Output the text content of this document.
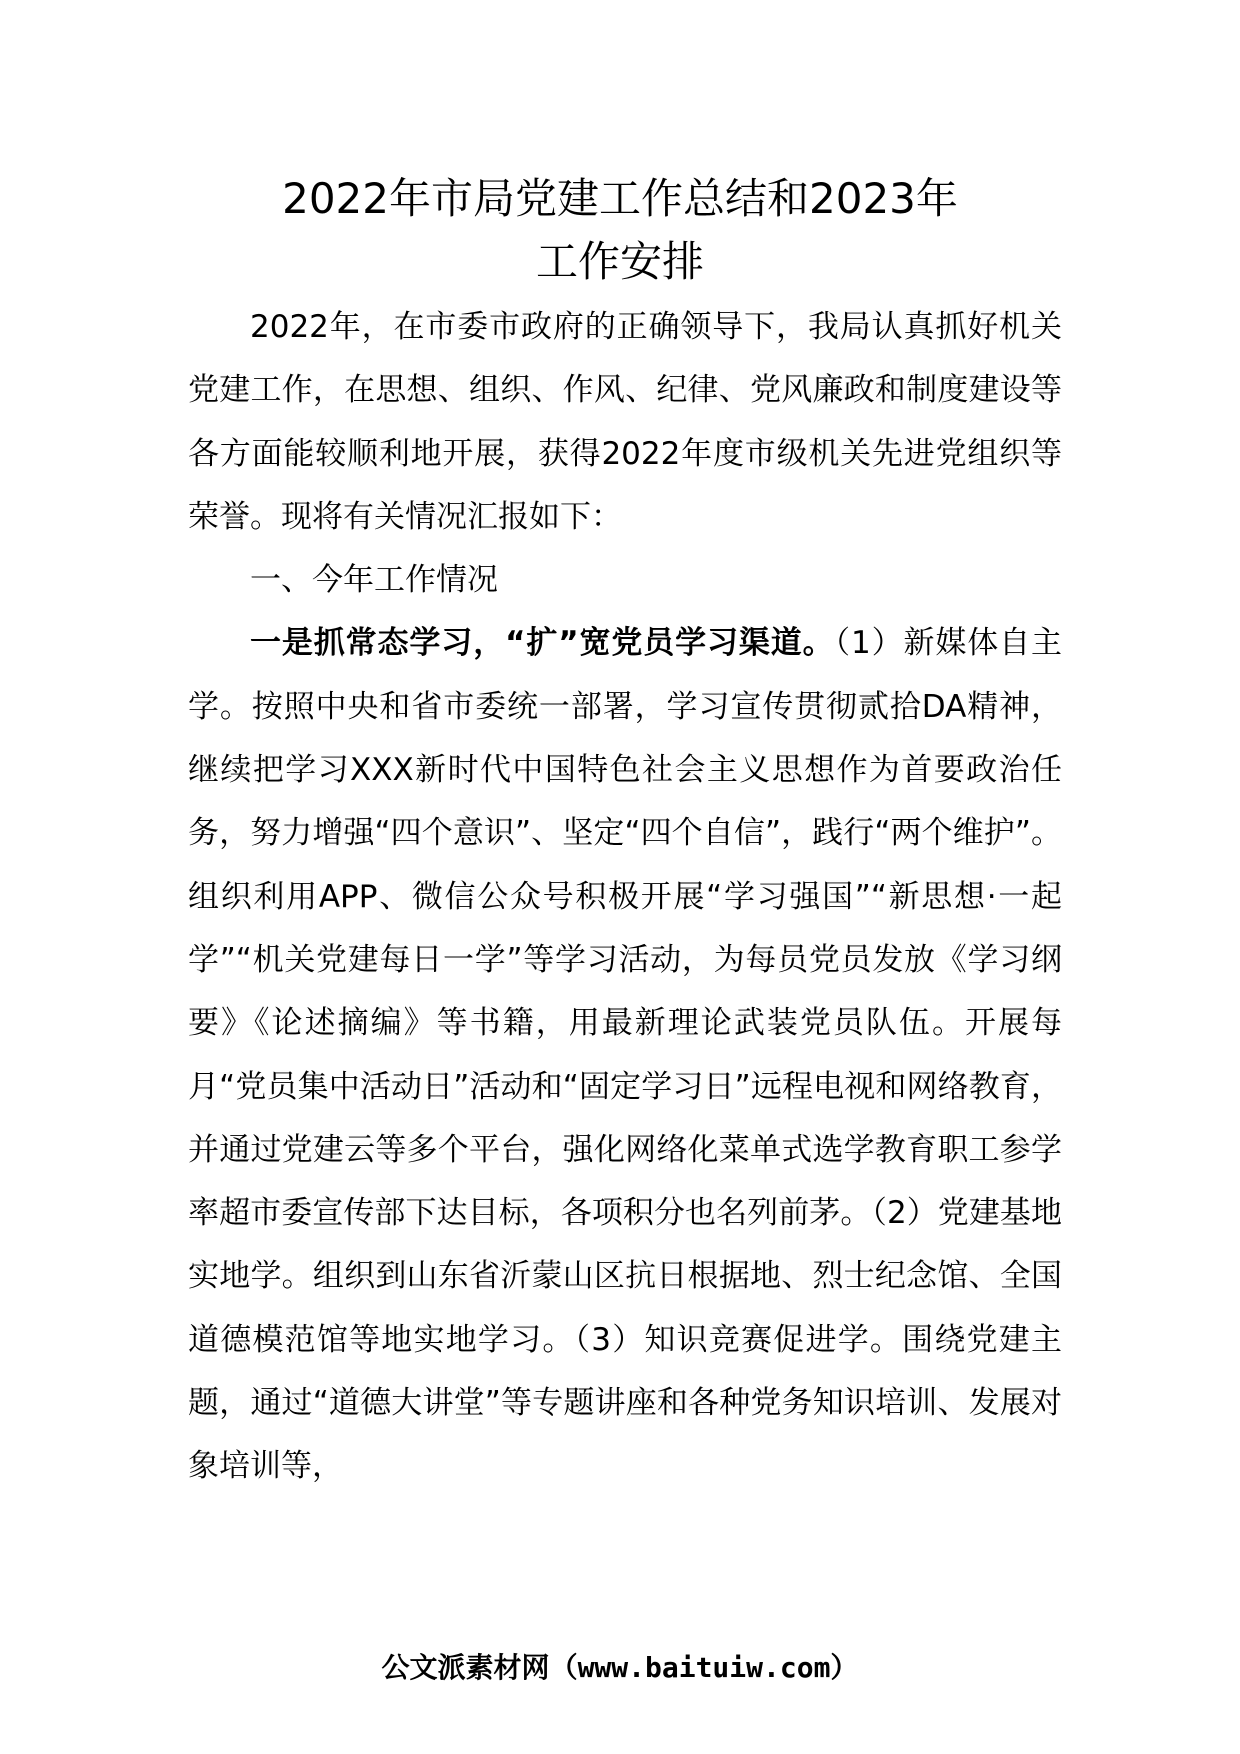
2022年市局党建工作总结和2023年
工作安排

2022年，在市委市政府的正确领导下，我局认真抓好机关党建工作，在思想、组织、作风、纪律、党风廉政和制度建设等各方面能较顺利地开展，获得2022年度市级机关先进党组织等荣誉。现将有关情况汇报如下：

一、今年工作情况

一是抓常态学习，“扩”宽党员学习渠道。（1）新媒体自主学。按照中央和省市委统一部署，学习宣传贯彻贰拾DA精神，继续把学习XXX新时代中国特色社会主义思想作为首要政治任务，努力增强“四个意识”、坚定“四个自信”，践行“两个维护”。组织利用APP、微信公众号积极开展“学习强国”“新思想·一起学”“机关党建每日一学”等学习活动，为每员党员发放《学习纲要》《论述摘编》等书籍，用最新理论武装党员队伍。开展每月“党员集中活动日”活动和“固定学习日”远程电视和网络教育，并通过党建云等多个平台，强化网络化菜单式选学教育职工参学率超市委宣传部下达目标，各项积分也名列前茅。（2）党建基地实地学。组织到山东省沂蒙山区抗日根据地、烈士纪念馆、全国道德模范馆等地实地学习。（3）知识竞赛促进学。围绕党建主题，通过“道德大讲堂”等专题讲座和各种党务知识培训、发展对象培训等，

公文派素材网（www.baituiw.com）
